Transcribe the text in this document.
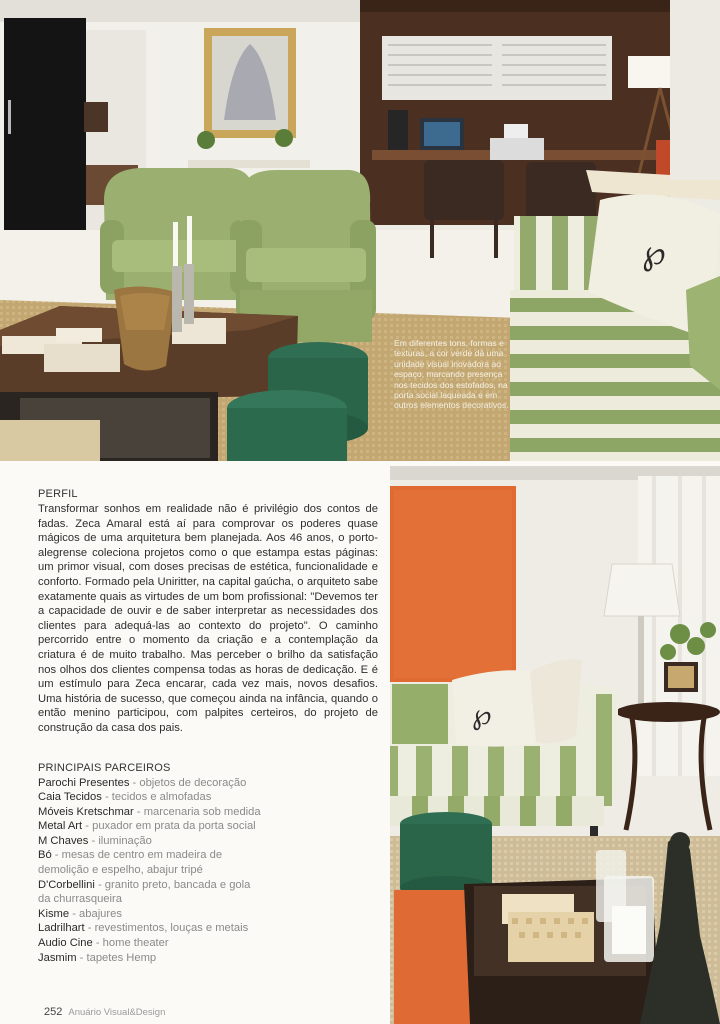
℘
Em diferentes tons, formas e texturas, a cor verde dá uma unidade visual inovadora ao espaço, marcando presença nos tecidos dos estofados, na porta social laqueada e em outros elementos decorativos.
℘
PERFIL

Transformar sonhos em realidade não é privilégio dos contos de fadas. Zeca Amaral está aí para comprovar os poderes quase mágicos de uma arquitetura bem planejada. Aos 46 anos, o porto-alegrense coleciona projetos como o que estampa estas páginas: um primor visual, com doses precisas de estética, funcionalidade e conforto. Formado pela Uniritter, na capital gaúcha, o arquiteto sabe exatamente quais as virtudes de um bom profissional: "Devemos ter a capacidade de ouvir e de saber interpretar as necessidades dos clientes para adequá-las ao contexto do projeto". O caminho percorrido entre o momento da criação e a contemplação da criatura é de muito trabalho. Mas perceber o brilho da satisfação nos olhos dos clientes compensa todas as horas de dedicação. E é um estímulo para Zeca encarar, cada vez mais, novos desafios. Uma história de sucesso, que começou ainda na infância, quando o então menino participou, com palpites certeiros, do projeto de construção da casa dos pais.

PRINCIPAIS PARCEIROS

Parochi Presentes - objetos de decoração

Caia Tecidos - tecidos e almofadas

Móveis Kretschmar - marcenaria sob medida

Metal Art - puxador em prata da porta social

M Chaves - iluminação

Bó - mesas de centro em madeira de

demolição e espelho, abajur tripé

D'Corbellini - granito preto, bancada e gola

da churrasqueira

Kisme - abajures

Ladrilhart - revestimentos, louças e metais

Audio Cine - home theater

Jasmim - tapetes Hemp

252 Anuário Visual&Design
